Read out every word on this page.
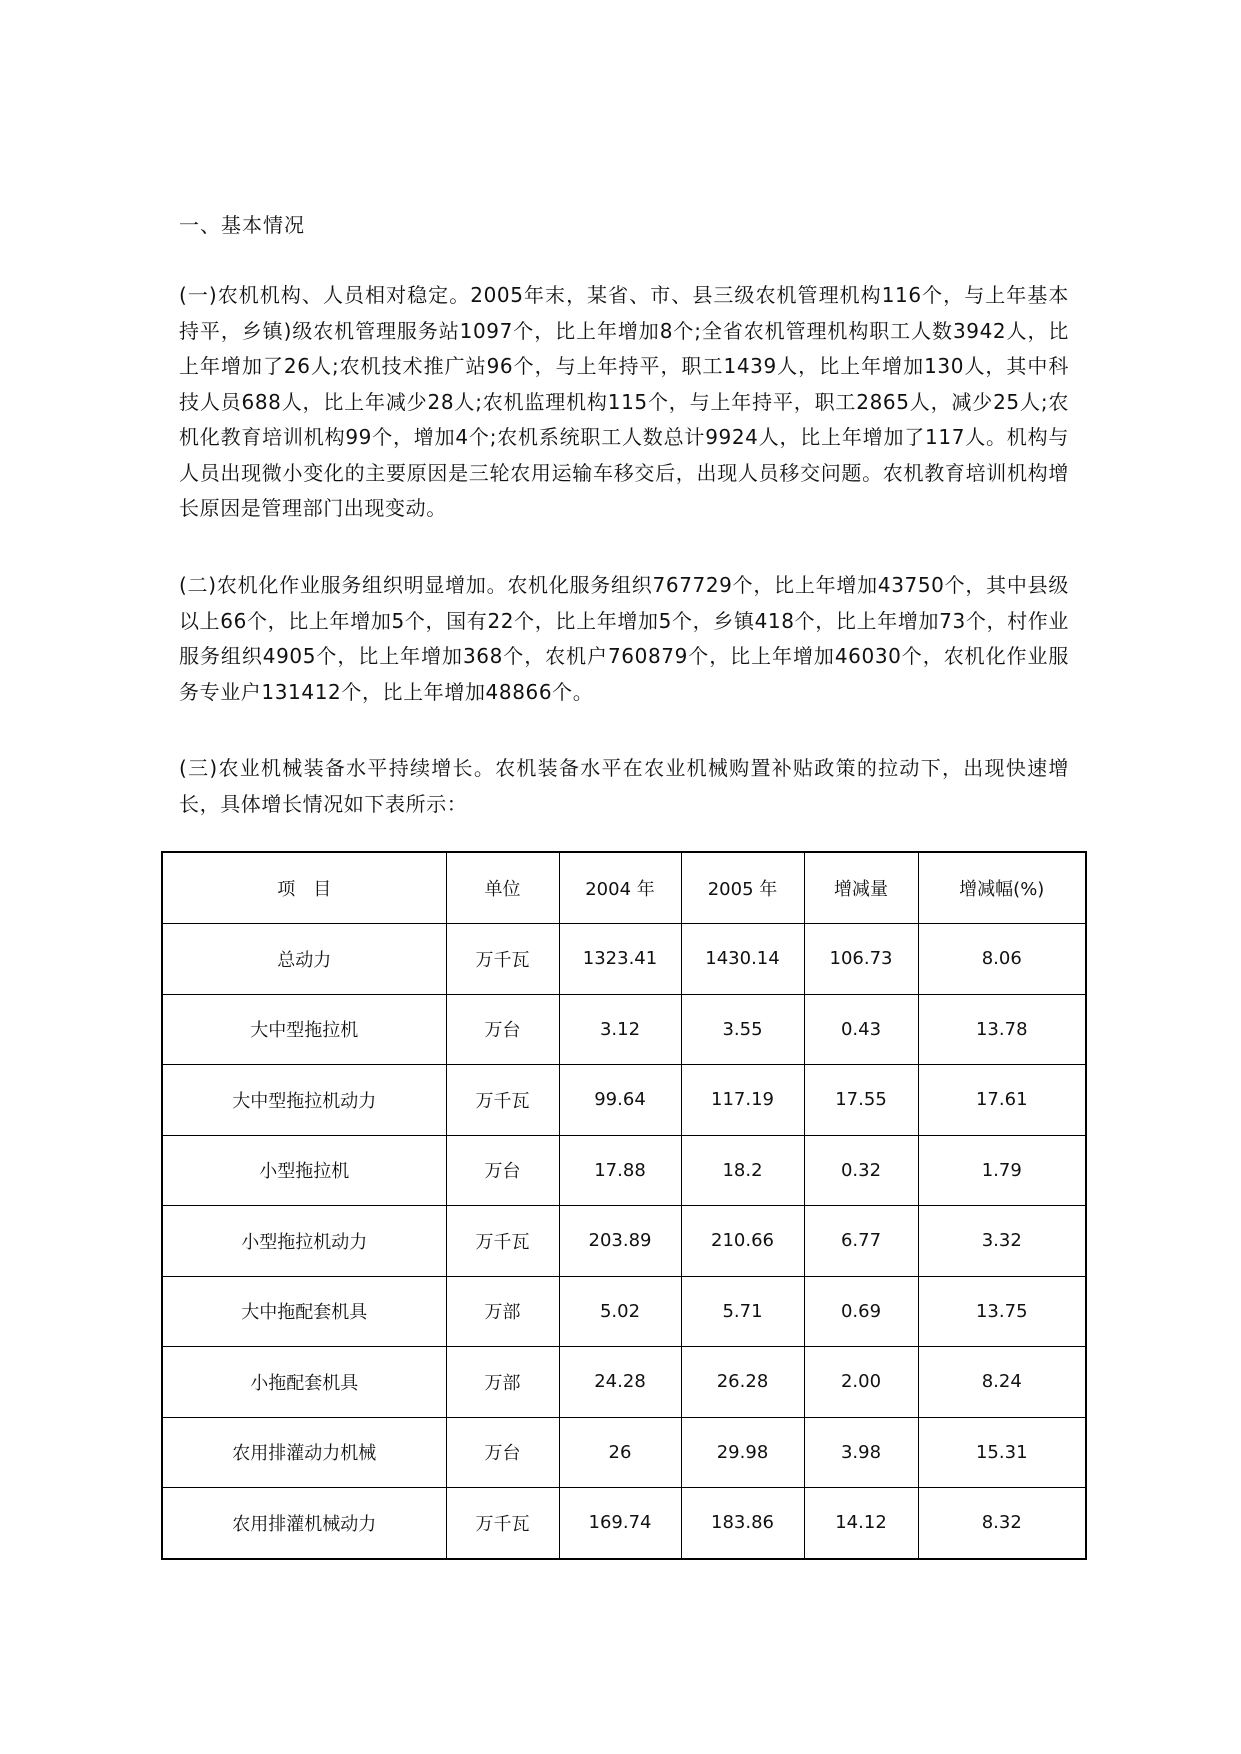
一、基本情况

(一)农机机构、人员相对稳定。2005年末，某省、市、县三级农机管理机构116个，与上年基本持平，乡镇)级农机管理服务站1097个，比上年增加8个;全省农机管理机构职工人数3942人，比上年增加了26人;农机技术推广站96个，与上年持平，职工1439人，比上年增加130人，其中科技人员688人，比上年减少28人;农机监理机构115个，与上年持平，职工2865人，减少25人;农机化教育培训机构99个，增加4个;农机系统职工人数总计9924人，比上年增加了117人。机构与人员出现微小变化的主要原因是三轮农用运输车移交后，出现人员移交问题。农机教育培训机构增长原因是管理部门出现变动。

(二)农机化作业服务组织明显增加。农机化服务组织767729个，比上年增加43750个，其中县级以上66个，比上年增加5个，国有22个，比上年增加5个，乡镇418个，比上年增加73个，村作业服务组织4905个，比上年增加368个，农机户760879个，比上年增加46030个，农机化作业服务专业户131412个，比上年增加48866个。

(三)农业机械装备水平持续增长。农机装备水平在农业机械购置补贴政策的拉动下，出现快速增长，具体增长情况如下表所示：

项　目	单位	2004 年	2005 年	增减量	增减幅(%)
总动力	万千瓦	1323.41	1430.14	106.73	8.06
大中型拖拉机	万台	3.12	3.55	0.43	13.78
大中型拖拉机动力	万千瓦	99.64	117.19	17.55	17.61
小型拖拉机	万台	17.88	18.2	0.32	1.79
小型拖拉机动力	万千瓦	203.89	210.66	6.77	3.32
大中拖配套机具	万部	5.02	5.71	0.69	13.75
小拖配套机具	万部	24.28	26.28	2.00	8.24
农用排灌动力机械	万台	26	29.98	3.98	15.31
农用排灌机械动力	万千瓦	169.74	183.86	14.12	8.32
